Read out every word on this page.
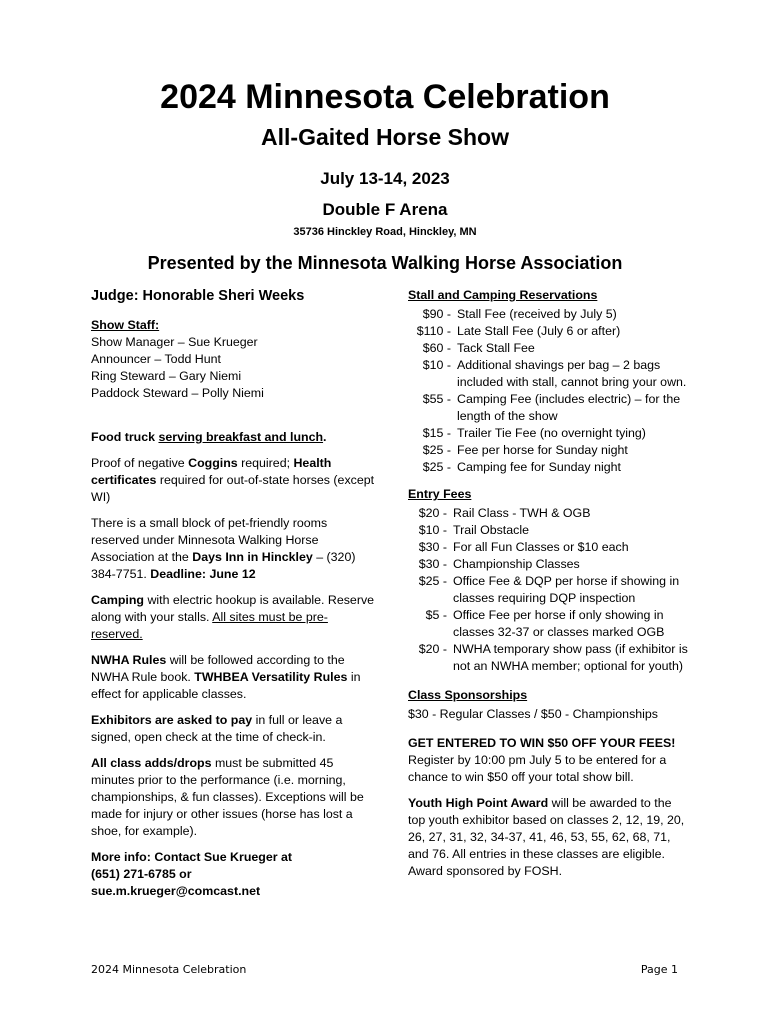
2024 Minnesota Celebration
All-Gaited Horse Show
July 13-14, 2023
Double F Arena
35736 Hinckley Road, Hinckley, MN
Presented by the Minnesota Walking Horse Association
Judge: Honorable Sheri Weeks
Show Staff:
Show Manager – Sue Krueger
Announcer – Todd Hunt
Ring Steward – Gary Niemi
Paddock Steward – Polly Niemi

Food truck serving breakfast and lunch.

Proof of negative Coggins required; Health certificates required for out-of-state horses (except WI)

There is a small block of pet-friendly rooms reserved under Minnesota Walking Horse Association at the Days Inn in Hinckley – (320) 384-7751. Deadline: June 12

Camping with electric hookup is available. Reserve along with your stalls. All sites must be pre-reserved.

NWHA Rules will be followed according to the NWHA Rule book. TWHBEA Versatility Rules in effect for applicable classes.

Exhibitors are asked to pay in full or leave a signed, open check at the time of check-in.

All class adds/drops must be submitted 45 minutes prior to the performance (i.e. morning, championships, & fun classes). Exceptions will be made for injury or other issues (horse has lost a shoe, for example).

More info: Contact Sue Krueger at
(651) 271-6785 or
sue.m.krueger@comcast.net

Stall and Camping Reservations
$90 - Stall Fee (received by July 5)
$110 - Late Stall Fee (July 6 or after)
$60 - Tack Stall Fee
$10 - Additional shavings per bag – 2 bags included with stall, cannot bring your own.
$55 - Camping Fee (includes electric) – for the length of the show
$15 - Trailer Tie Fee (no overnight tying)
$25 - Fee per horse for Sunday night
$25 - Camping fee for Sunday night
Entry Fees
$20 - Rail Class - TWH & OGB
$10 - Trail Obstacle
$30 - For all Fun Classes or $10 each
$30 - Championship Classes
$25 - Office Fee & DQP per horse if showing in classes requiring DQP inspection
$5 - Office Fee per horse if only showing in classes 32-37 or classes marked OGB
$20 - NWHA temporary show pass (if exhibitor is not an NWHA member; optional for youth)
Class Sponsorships

$30 - Regular Classes / $50 - Championships

GET ENTERED TO WIN $50 OFF YOUR FEES! Register by 10:00 pm July 5 to be entered for a chance to win $50 off your total show bill.

Youth High Point Award will be awarded to the top youth exhibitor based on classes 2, 12, 19, 20, 26, 27, 31, 32, 34-37, 41, 46, 53, 55, 62, 68, 71, and 76. All entries in these classes are eligible. Award sponsored by FOSH.

2024 Minnesota Celebration	Page 1
